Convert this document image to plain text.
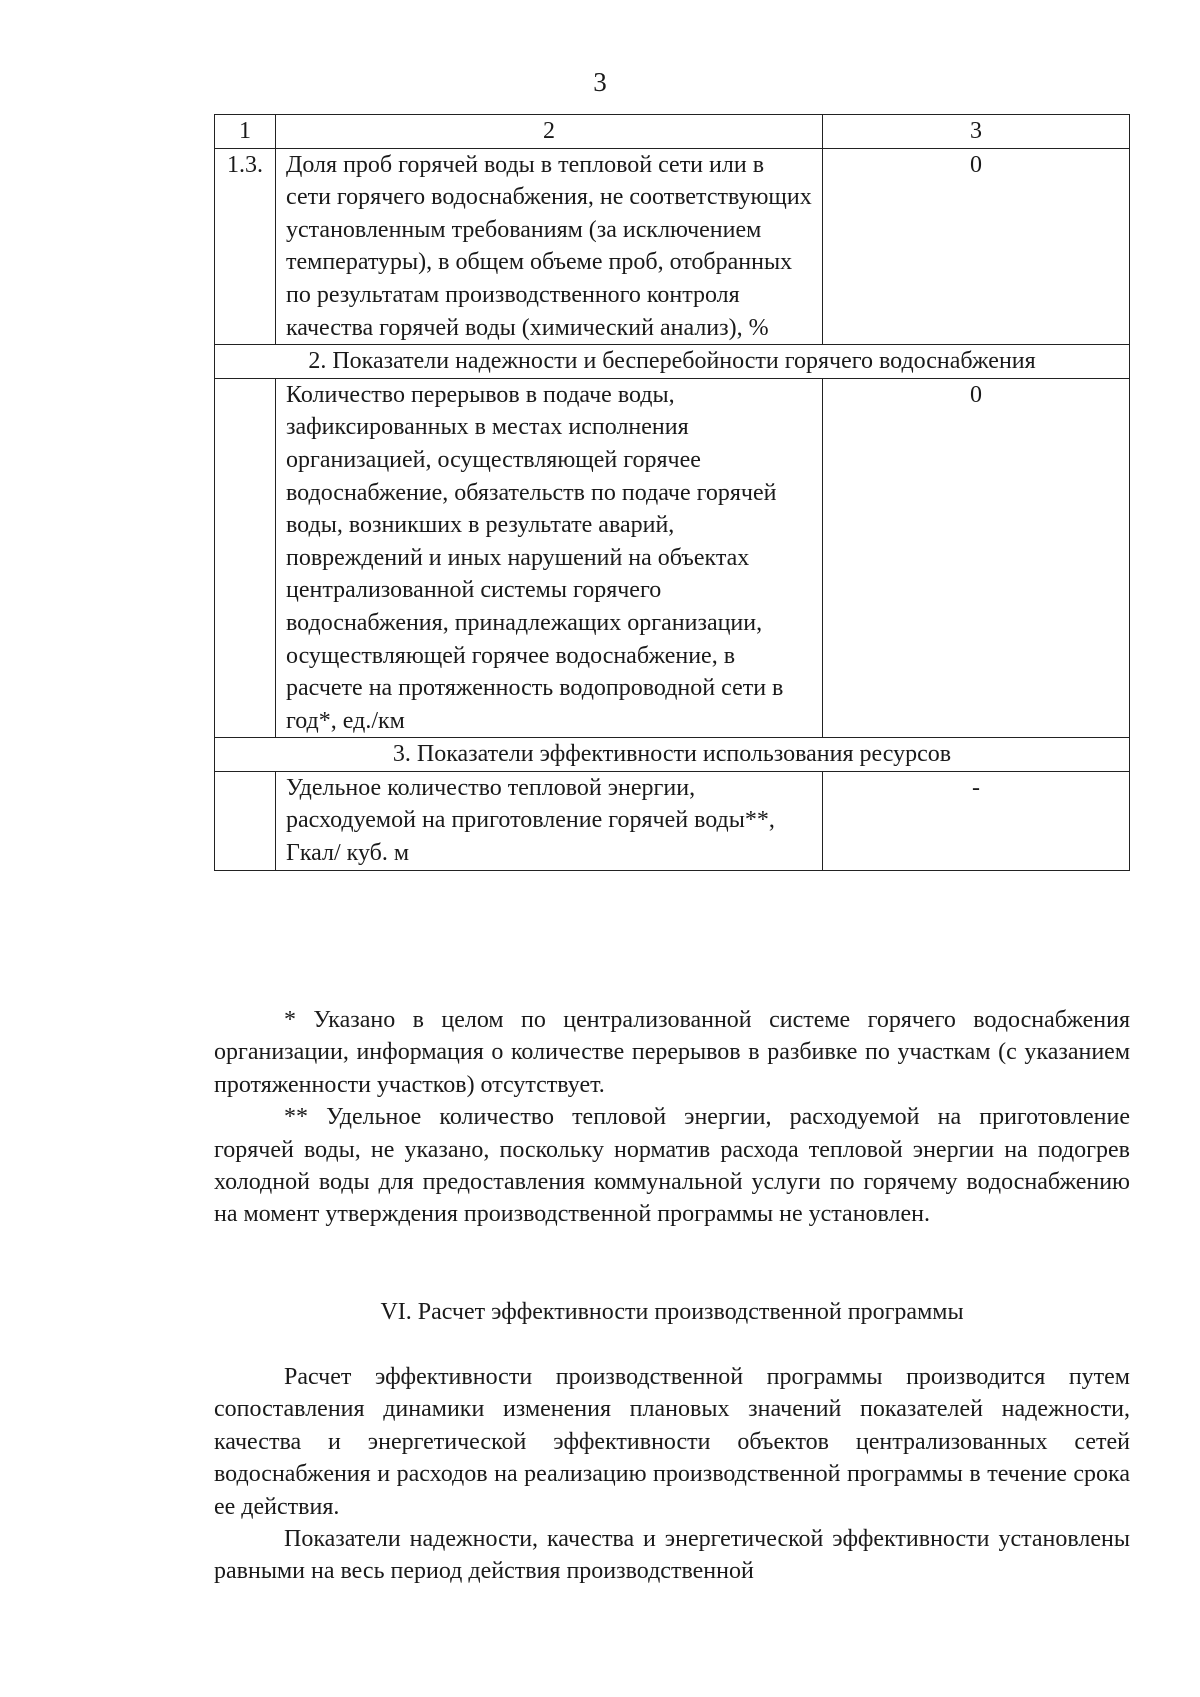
3
1	2	3
1.3.	Доля проб горячей воды в тепловой сети или в сети горячего водоснабжения, не соответствующих установленным требованиям (за исключением температуры), в общем объеме проб, отобранных по результатам производственного контроля качества горячей воды (химический анализ), %	0
2. Показатели надежности и бесперебойности горячего водоснабжения		
	Количество перерывов в подаче воды, зафиксированных в местах исполнения организацией, осуществляющей горячее водоснабжение, обязательств по подаче горячей воды, возникших в результате аварий, повреждений и иных нарушений на объектах централизованной системы горячего водоснабжения, принадлежащих организации, осуществляющей горячее водоснабжение, в расчете на протяженность водопроводной сети в год*, ед./км	0
3. Показатели эффективности использования ресурсов		
	Удельное количество тепловой энергии, расходуемой на приготовление горячей воды**, Гкал/ куб. м	-

* Указано в целом по централизованной системе горячего водоснабжения организации, информация о количестве перерывов в разбивке по участкам (с указанием протяженности участков) отсутствует.

** Удельное количество тепловой энергии, расходуемой на приготовление горячей воды, не указано, поскольку норматив расхода тепловой энергии на подогрев холодной воды для предоставления коммунальной услуги по горячему водоснабжению на момент утверждения производственной программы не установлен.

VI. Расчет эффективности производственной программы

Расчет эффективности производственной программы производится путем сопоставления динамики изменения плановых значений показателей надежности, качества и энергетической эффективности объектов централизованных сетей водоснабжения и расходов на реализацию производственной программы в течение срока ее действия.

Показатели надежности, качества и энергетической эффективности установлены равными на весь период действия производственной
